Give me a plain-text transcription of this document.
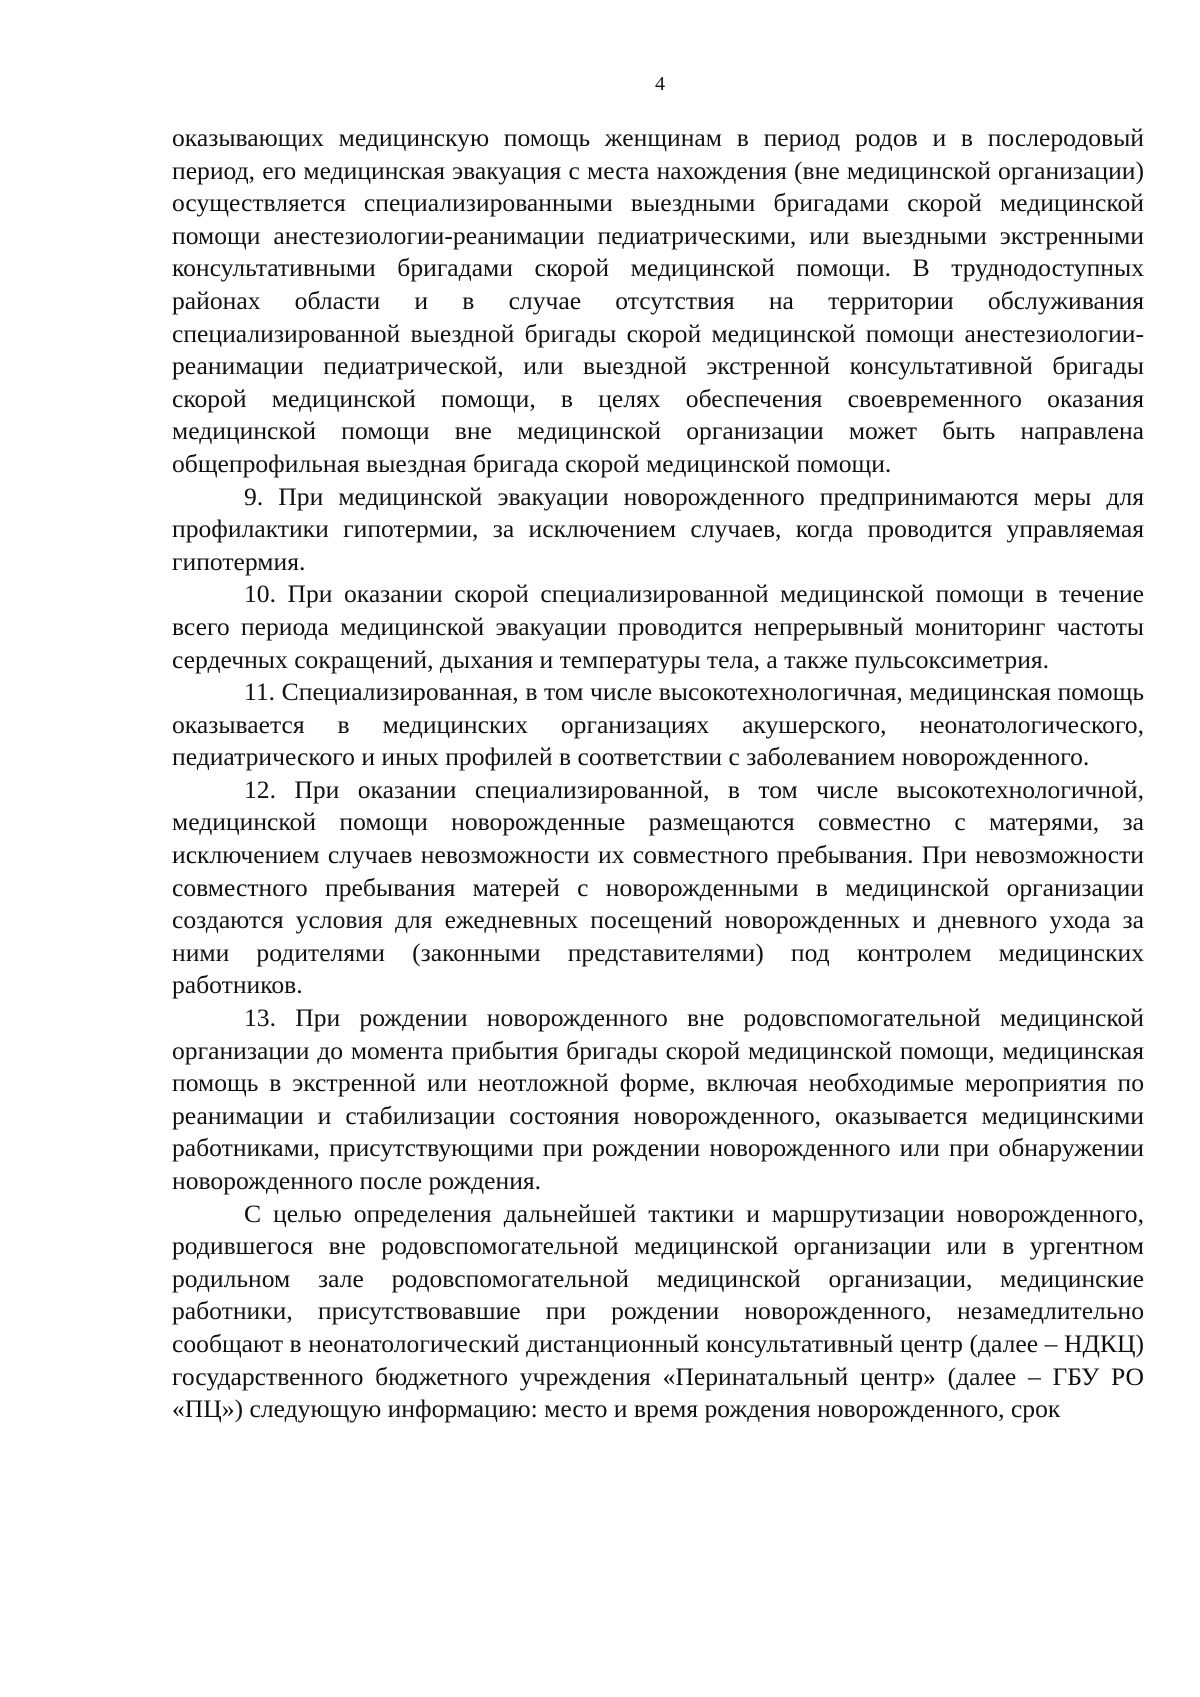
4

оказывающих медицинскую помощь женщинам в период родов и в послеродовый период, его медицинская эвакуация с места нахождения (вне медицинской организации) осуществляется специализированными выездными бригадами скорой медицинской помощи анестезиологии-реанимации педиатрическими, или выездными экстренными консультативными бригадами скорой медицинской помощи. В труднодоступных районах области и в случае отсутствия на территории обслуживания специализированной выездной бригады скорой медицинской помощи анестезиологии-реанимации педиатрической, или выездной экстренной консультативной бригады скорой медицинской помощи, в целях обеспечения своевременного оказания медицинской помощи вне медицинской организации может быть направлена общепрофильная выездная бригада скорой медицинской помощи.

9. При медицинской эвакуации новорожденного предпринимаются меры для профилактики гипотермии, за исключением случаев, когда проводится управляемая гипотермия.

10. При оказании скорой специализированной медицинской помощи в течение всего периода медицинской эвакуации проводится непрерывный мониторинг частоты сердечных сокращений, дыхания и температуры тела, а также пульсоксиметрия.

11. Специализированная, в том числе высокотехнологичная, медицинская помощь оказывается в медицинских организациях акушерского, неонатологического, педиатрического и иных профилей в соответствии с заболеванием новорожденного.

12. При оказании специализированной, в том числе высокотехнологичной, медицинской помощи новорожденные размещаются совместно с матерями, за исключением случаев невозможности их совместного пребывания. При невозможности совместного пребывания матерей с новорожденными в медицинской организации создаются условия для ежедневных посещений новорожденных и дневного ухода за ними родителями (законными представителями) под контролем медицинских работников.

13. При рождении новорожденного вне родовспомогательной медицинской организации до момента прибытия бригады скорой медицинской помощи, медицинская помощь в экстренной или неотложной форме, включая необходимые мероприятия по реанимации и стабилизации состояния новорожденного, оказывается медицинскими работниками, присутствующими при рождении новорожденного или при обнаружении новорожденного после рождения.

С целью определения дальнейшей тактики и маршрутизации новорожденного, родившегося вне родовспомогательной медицинской организации или в ургентном родильном зале родовспомогательной медицинской организации, медицинские работники, присутствовавшие при рождении новорожденного, незамедлительно сообщают в неонатологический дистанционный консультативный центр (далее – НДКЦ) государственного бюджетного учреждения «Перинатальный центр» (далее – ГБУ РО «ПЦ») следующую информацию: место и время рождения новорожденного, срок
